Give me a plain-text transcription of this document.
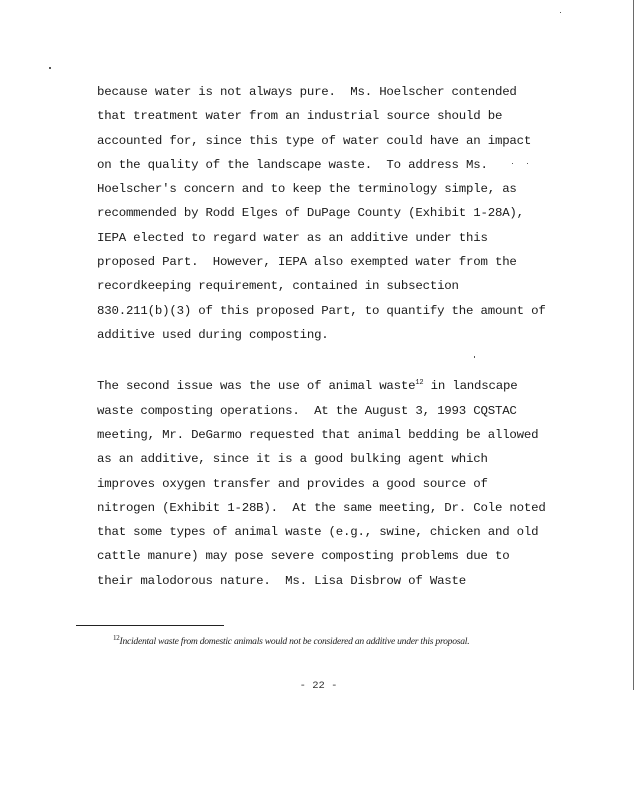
because water is not always pure.  Ms. Hoelscher contended
that treatment water from an industrial source should be
accounted for, since this type of water could have an impact
on the quality of the landscape waste.  To address Ms.
Hoelscher's concern and to keep the terminology simple, as
recommended by Rodd Elges of DuPage County (Exhibit 1-28A),
IEPA elected to regard water as an additive under this
proposed Part.  However, IEPA also exempted water from the
recordkeeping requirement, contained in subsection
830.211(b)(3) of this proposed Part, to quantify the amount of
additive used during composting.

The second issue was the use of animal waste$^{12}$ in landscape
waste composting operations.  At the August 3, 1993 CQSTAC
meeting, Mr. DeGarmo requested that animal bedding be allowed
as an additive, since it is a good bulking agent which
improves oxygen transfer and provides a good source of
nitrogen (Exhibit 1-28B).  At the same meeting, Dr. Cole noted
that some types of animal waste (e.g., swine, chicken and old
cattle manure) may pose severe composting problems due to
their malodorous nature.  Ms. Lisa Disbrow of Waste

$^{12}$Incidental waste from domestic animals would not be considered an additive under this proposal.
- 22 -
